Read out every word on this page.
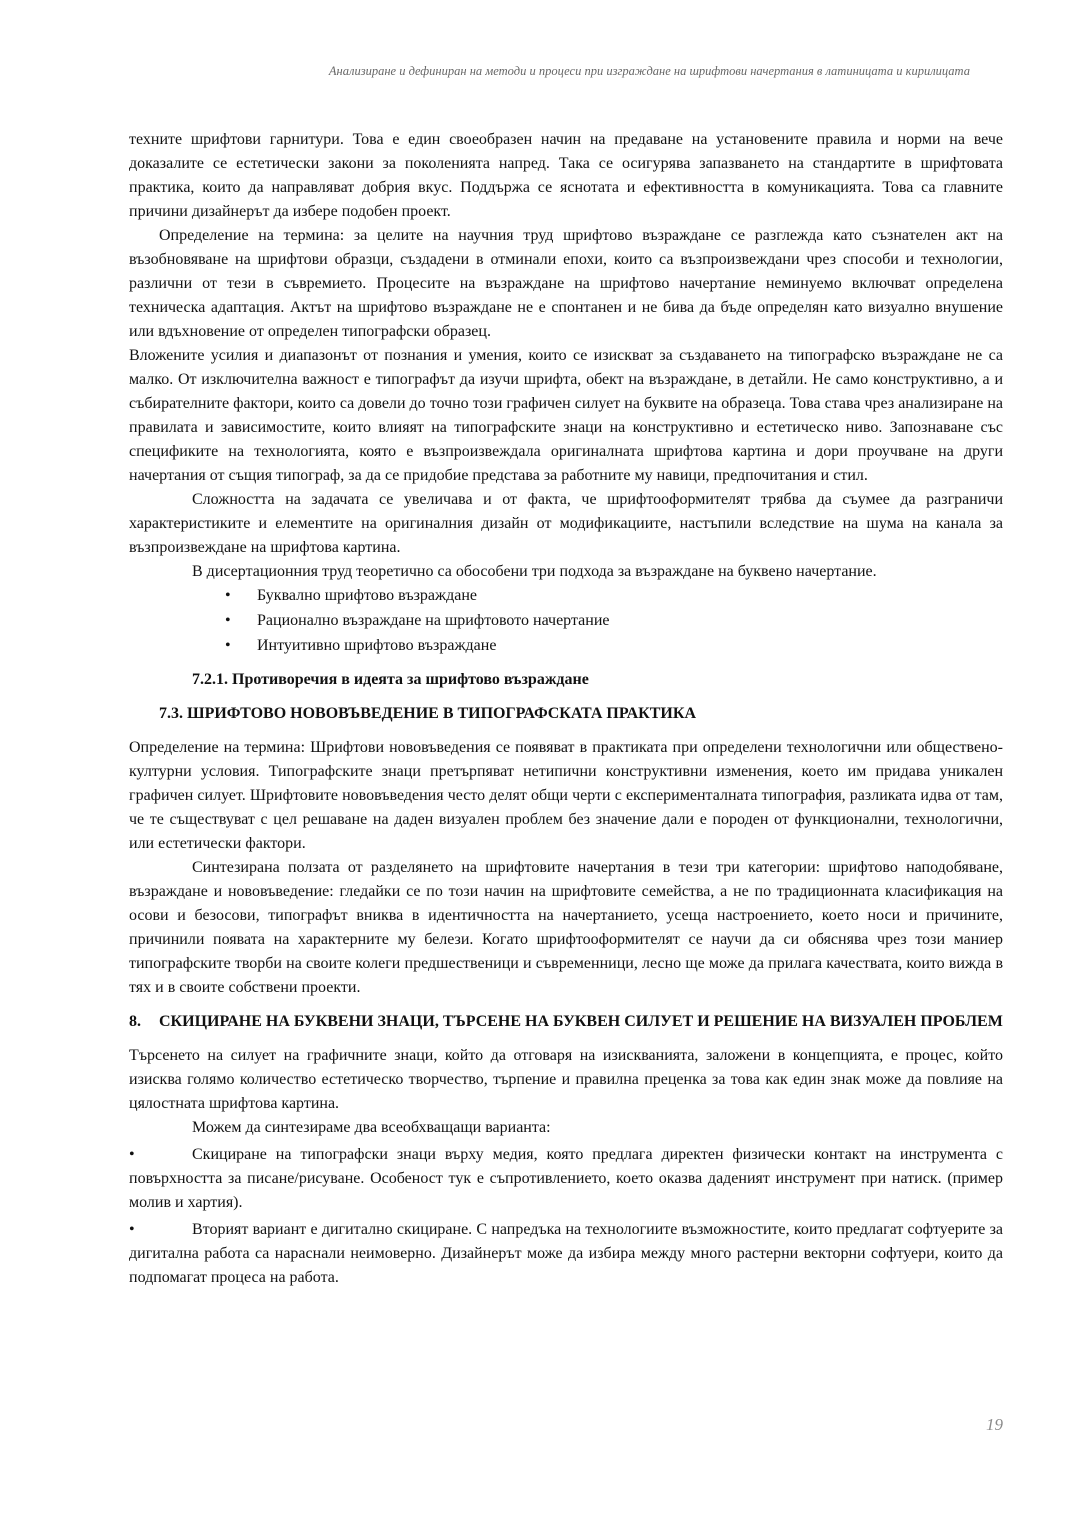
Анализиране и дефиниран на методи и процеси при изграждане на шрифтови начертания в латиницата и кирилицата

техните шрифтови гарнитури. Това е един своеобразен начин на предаване на установените правила и норми на вече доказалите се естетически закони за поколенията напред. Така се осигурява запазването на стандартите в шрифтовата практика, които да направляват добрия вкус. Поддържа се яснотата и ефективността в комуникацията. Това са главните причини дизайнерът да избере подобен проект.

Определение на термина: за целите на научния труд шрифтово възраждане се разглежда като съзнателен акт на възобновяване на шрифтови образци, създадени в отминали епохи, които са възпроизвеждани чрез способи и технологии, различни от тези в съвремието. Процесите на възраждане на шрифтово начертание неминуемо включват определена техническа адаптация. Актът на шрифтово възраждане не е спонтанен и не бива да бъде определян като визуално внушение или вдъхновение от определен типографски образец.

Вложените усилия и диапазонът от познания и умения, които се изискват за създаването на типографско възраждане не са малко. От изключителна важност е типографът да изучи шрифта, обект на възраждане, в детайли. Не само конструктивно, а и събирателните фактори, които са довели до точно този графичен силует на буквите на образеца. Това става чрез анализиране на правилата и зависимостите, които влияят на типографските знаци на конструктивно и естетическо ниво. Запознаване със спецификите на технологията, която е възпроизвеждала оригиналната шрифтова картина и дори проучване на други начертания от същия типограф, за да се придобие представа за работните му навици, предпочитания и стил.

Сложността на задачата се увеличава и от факта, че шрифтооформителят трябва да съумее да разграничи характеристиките и елементите на оригиналния дизайн от модификациите, настъпили вследствие на шума на канала за възпроизвеждане на шрифтова картина.

В дисертационния труд теоретично са обособени три подхода за възраждане на буквено начертание.

• Буквално шрифтово възраждане
• Рационално възраждане на шрифтовото начертание
• Интуитивно шрифтово възраждане
7.2.1. Противоречия в идеята за шрифтово възраждане
7.3. ШРИФТОВО НОВОВЪВЕДЕНИЕ В ТИПОГРАФСКАТА ПРАКТИКА

Определение на термина: Шрифтови нововъведения се появяват в практиката при определени технологични или обществено-културни условия. Типографските знаци претърпяват нетипични конструктивни изменения, което им придава уникален графичен силует. Шрифтовите нововъведения често делят общи черти с експерименталната типография, разликата идва от там, че те съществуват с цел решаване на даден визуален проблем без значение дали е породен от функционални, технологични, или естетически фактори.

Синтезирана ползата от разделянето на шрифтовите начертания в тези три категории: шрифтово наподобяване, възраждане и нововъведение: гледайки се по този начин на шрифтовите семейства, а не по традиционната класификация на осови и безосови, типографът вниква в идентичността на начертанието, усеща настроението, което носи и причините, причинили появата на характерните му белези. Когато шрифтооформителят се научи да си обяснява чрез този маниер типографските творби на своите колеги предшественици и съвременници, лесно ще може да прилага качествата, които вижда в тях и в своите собствени проекти.

8. СКИЦИРАНЕ НА БУКВЕНИ ЗНАЦИ, ТЪРСЕНЕ НА БУКВЕН СИЛУЕТ И РЕШЕНИЕ НА ВИЗУАЛЕН ПРОБЛЕМ

Търсенето на силует на графичните знаци, който да отговаря на изискванията, заложени в концепцията, е процес, който изисква голямо количество естетическо творчество, търпение и правилна преценка за това как един знак може да повлияе на цялостната шрифтова картина.

Можем да синтезираме два всеобхващащи варианта:

•	Скициране на типографски знаци върху медия, която предлага директен физически контакт на инструмента с повърхността за писане/рисуване. Особеност тук е съпротивлението, което оказва даденият инструмент при натиск. (пример молив и хартия).

•	Вторият вариант е дигитално скициране. С напредъка на технологиите възможностите, които предлагат софтуерите за дигитална работа са нараснали неимоверно. Дизайнерът може да избира между много растерни векторни софтуери, които да подпомагат процеса на работа.

19
